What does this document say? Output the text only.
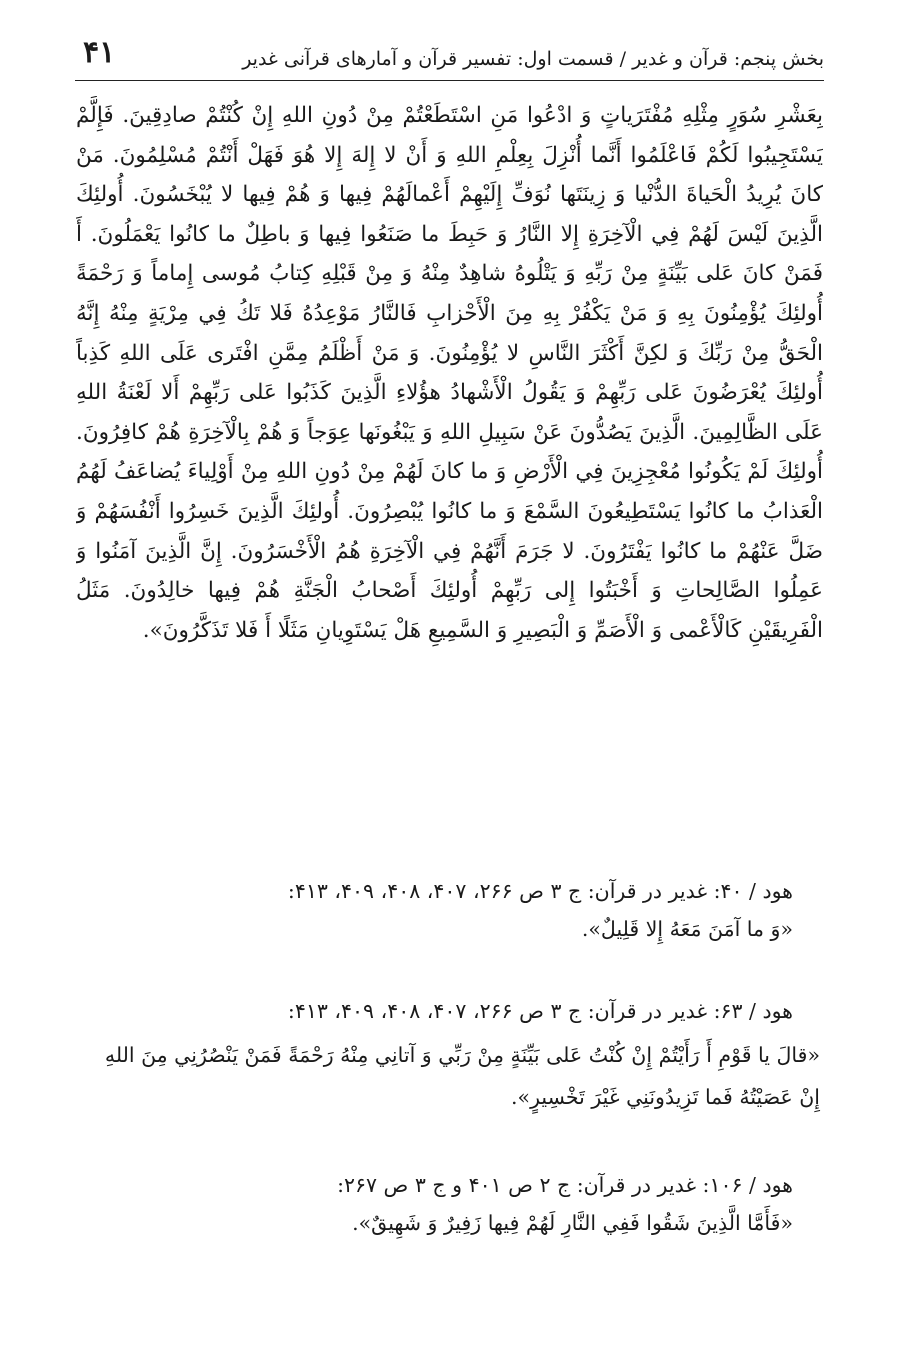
بخش پنجم: قرآن و غدیر / قسمت اول: تفسیر قرآن و آمارهای قرآنی غدیر
۴۱
بِعَشْرِ سُوَرٍ مِثْلِهِ مُفْتَرَياتٍ وَ ادْعُوا مَنِ اسْتَطَعْتُمْ مِنْ دُونِ اللهِ إِنْ كُنْتُمْ صادِقِينَ. فَإِلَّمْ يَسْتَجِيبُوا لَكُمْ فَاعْلَمُوا أَنَّما أُنْزِلَ بِعِلْمِ اللهِ وَ أَنْ لا إِلهَ إِلا هُوَ فَهَلْ أَنْتُمْ مُسْلِمُونَ. مَنْ كانَ يُرِيدُ الْحَياةَ الدُّنْيا وَ زِينَتَها نُوَفِّ إِلَيْهِمْ أَعْمالَهُمْ فِيها وَ هُمْ فِيها لا يُبْخَسُونَ. أُولئِكَ الَّذِينَ لَيْسَ لَهُمْ فِي الْآخِرَةِ إِلا النَّارُ وَ حَبِطَ ما صَنَعُوا فِيها وَ باطِلٌ ما كانُوا يَعْمَلُونَ. أَ فَمَنْ كانَ عَلى بَيِّنَةٍ مِنْ رَبِّهِ وَ يَتْلُوهُ شاهِدٌ مِنْهُ وَ مِنْ قَبْلِهِ كِتابُ مُوسى إِماماً وَ رَحْمَةً أُولئِكَ يُؤْمِنُونَ بِهِ وَ مَنْ يَكْفُرْ بِهِ مِنَ الْأَحْزابِ فَالنَّارُ مَوْعِدُهُ فَلا تَكُ فِي مِرْيَةٍ مِنْهُ إِنَّهُ الْحَقُّ مِنْ رَبِّكَ وَ لكِنَّ أَكْثَرَ النَّاسِ لا يُؤْمِنُونَ. وَ مَنْ أَظْلَمُ مِمَّنِ افْتَرى عَلَى اللهِ كَذِباً أُولئِكَ يُعْرَضُونَ عَلى رَبِّهِمْ وَ يَقُولُ الْأَشْهادُ هؤُلاءِ الَّذِينَ كَذَبُوا عَلى رَبِّهِمْ أَلا لَعْنَةُ اللهِ عَلَى الظَّالِمِينَ. الَّذِينَ يَصُدُّونَ عَنْ سَبِيلِ اللهِ وَ يَبْغُونَها عِوَجاً وَ هُمْ بِالْآخِرَةِ هُمْ كافِرُونَ. أُولئِكَ لَمْ يَكُونُوا مُعْجِزِينَ فِي الْأَرْضِ وَ ما كانَ لَهُمْ مِنْ دُونِ اللهِ مِنْ أَوْلِياءَ يُضاعَفُ لَهُمُ الْعَذابُ ما كانُوا يَسْتَطِيعُونَ السَّمْعَ وَ ما كانُوا يُبْصِرُونَ. أُولئِكَ الَّذِينَ خَسِرُوا أَنْفُسَهُمْ وَ ضَلَّ عَنْهُمْ ما كانُوا يَفْتَرُونَ. لا جَرَمَ أَنَّهُمْ فِي الْآخِرَةِ هُمُ الْأَخْسَرُونَ. إِنَّ الَّذِينَ آمَنُوا وَ عَمِلُوا الصَّالِحاتِ وَ أَخْبَتُوا إِلى رَبِّهِمْ أُولئِكَ أَصْحابُ الْجَنَّةِ هُمْ فِيها خالِدُونَ. مَثَلُ الْفَرِيقَيْنِ كَالْأَعْمى وَ الْأَصَمِّ وَ الْبَصِيرِ وَ السَّمِيعِ هَلْ يَسْتَوِيانِ مَثَلًا أَ فَلا تَذَكَّرُونَ».
هود / ۴۰: غدیر در قرآن: ج ۳ ص ۲۶۶، ۴۰۷، ۴۰۸، ۴۰۹، ۴۱۳:
«وَ ما آمَنَ مَعَهُ إِلا قَلِيلٌ».
هود / ۶۳: غدیر در قرآن: ج ۳ ص ۲۶۶، ۴۰۷، ۴۰۸، ۴۰۹، ۴۱۳:
«قالَ يا قَوْمِ أَ رَأَيْتُمْ إِنْ كُنْتُ عَلى بَيِّنَةٍ مِنْ رَبِّي وَ آتانِي مِنْهُ رَحْمَةً فَمَنْ يَنْصُرُنِي مِنَ اللهِ إِنْ عَصَيْتُهُ فَما تَزِيدُونَنِي غَيْرَ تَخْسِيرٍ».
هود / ۱۰۶: غدیر در قرآن: ج ۲ ص ۴۰۱ و ج ۳ ص ۲۶۷:
«فَأَمَّا الَّذِينَ شَقُوا فَفِي النَّارِ لَهُمْ فِيها زَفِيرٌ وَ شَهِيقٌ».
